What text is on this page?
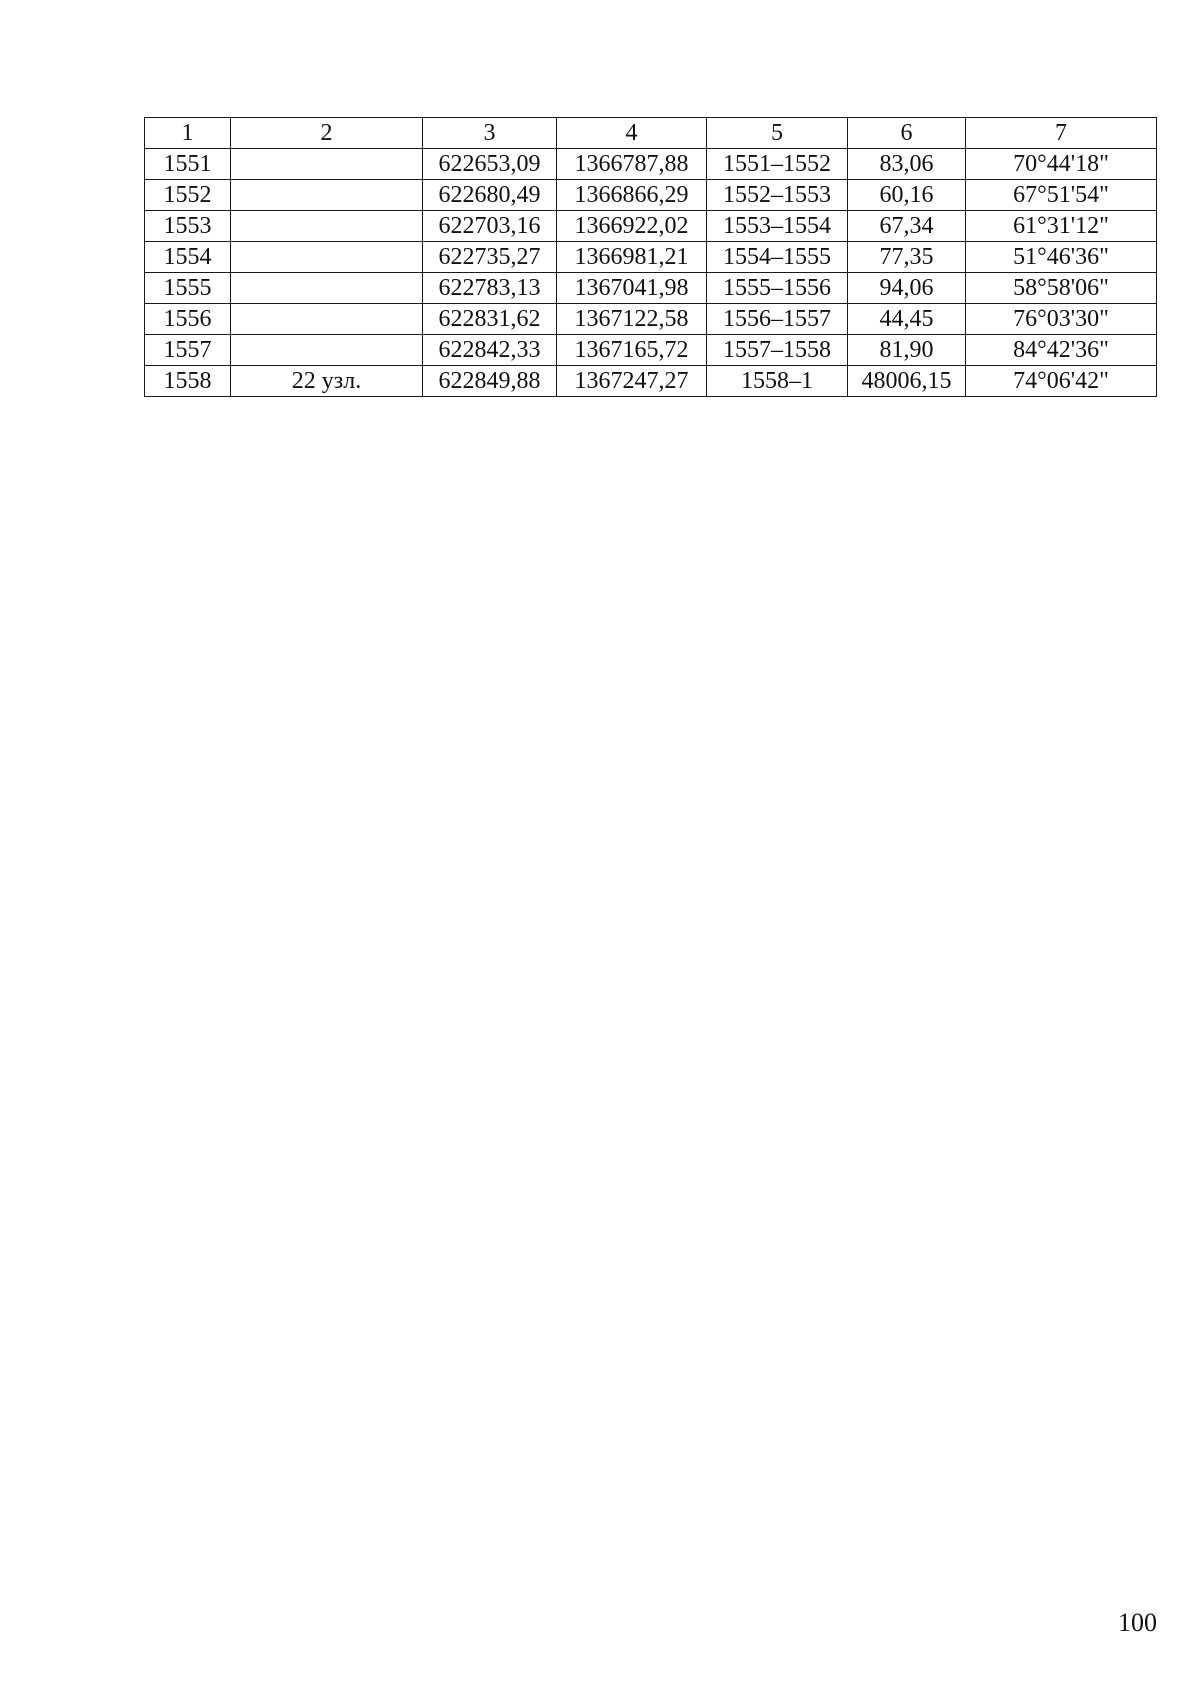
1	2	3	4	5	6	7
1551		622653,09	1366787,88	1551–1552	83,06	70°44'18"
1552		622680,49	1366866,29	1552–1553	60,16	67°51'54"
1553		622703,16	1366922,02	1553–1554	67,34	61°31'12"
1554		622735,27	1366981,21	1554–1555	77,35	51°46'36"
1555		622783,13	1367041,98	1555–1556	94,06	58°58'06"
1556		622831,62	1367122,58	1556–1557	44,45	76°03'30"
1557		622842,33	1367165,72	1557–1558	81,90	84°42'36"
1558	22 узл.	622849,88	1367247,27	1558–1	48006,15	74°06'42"
100
